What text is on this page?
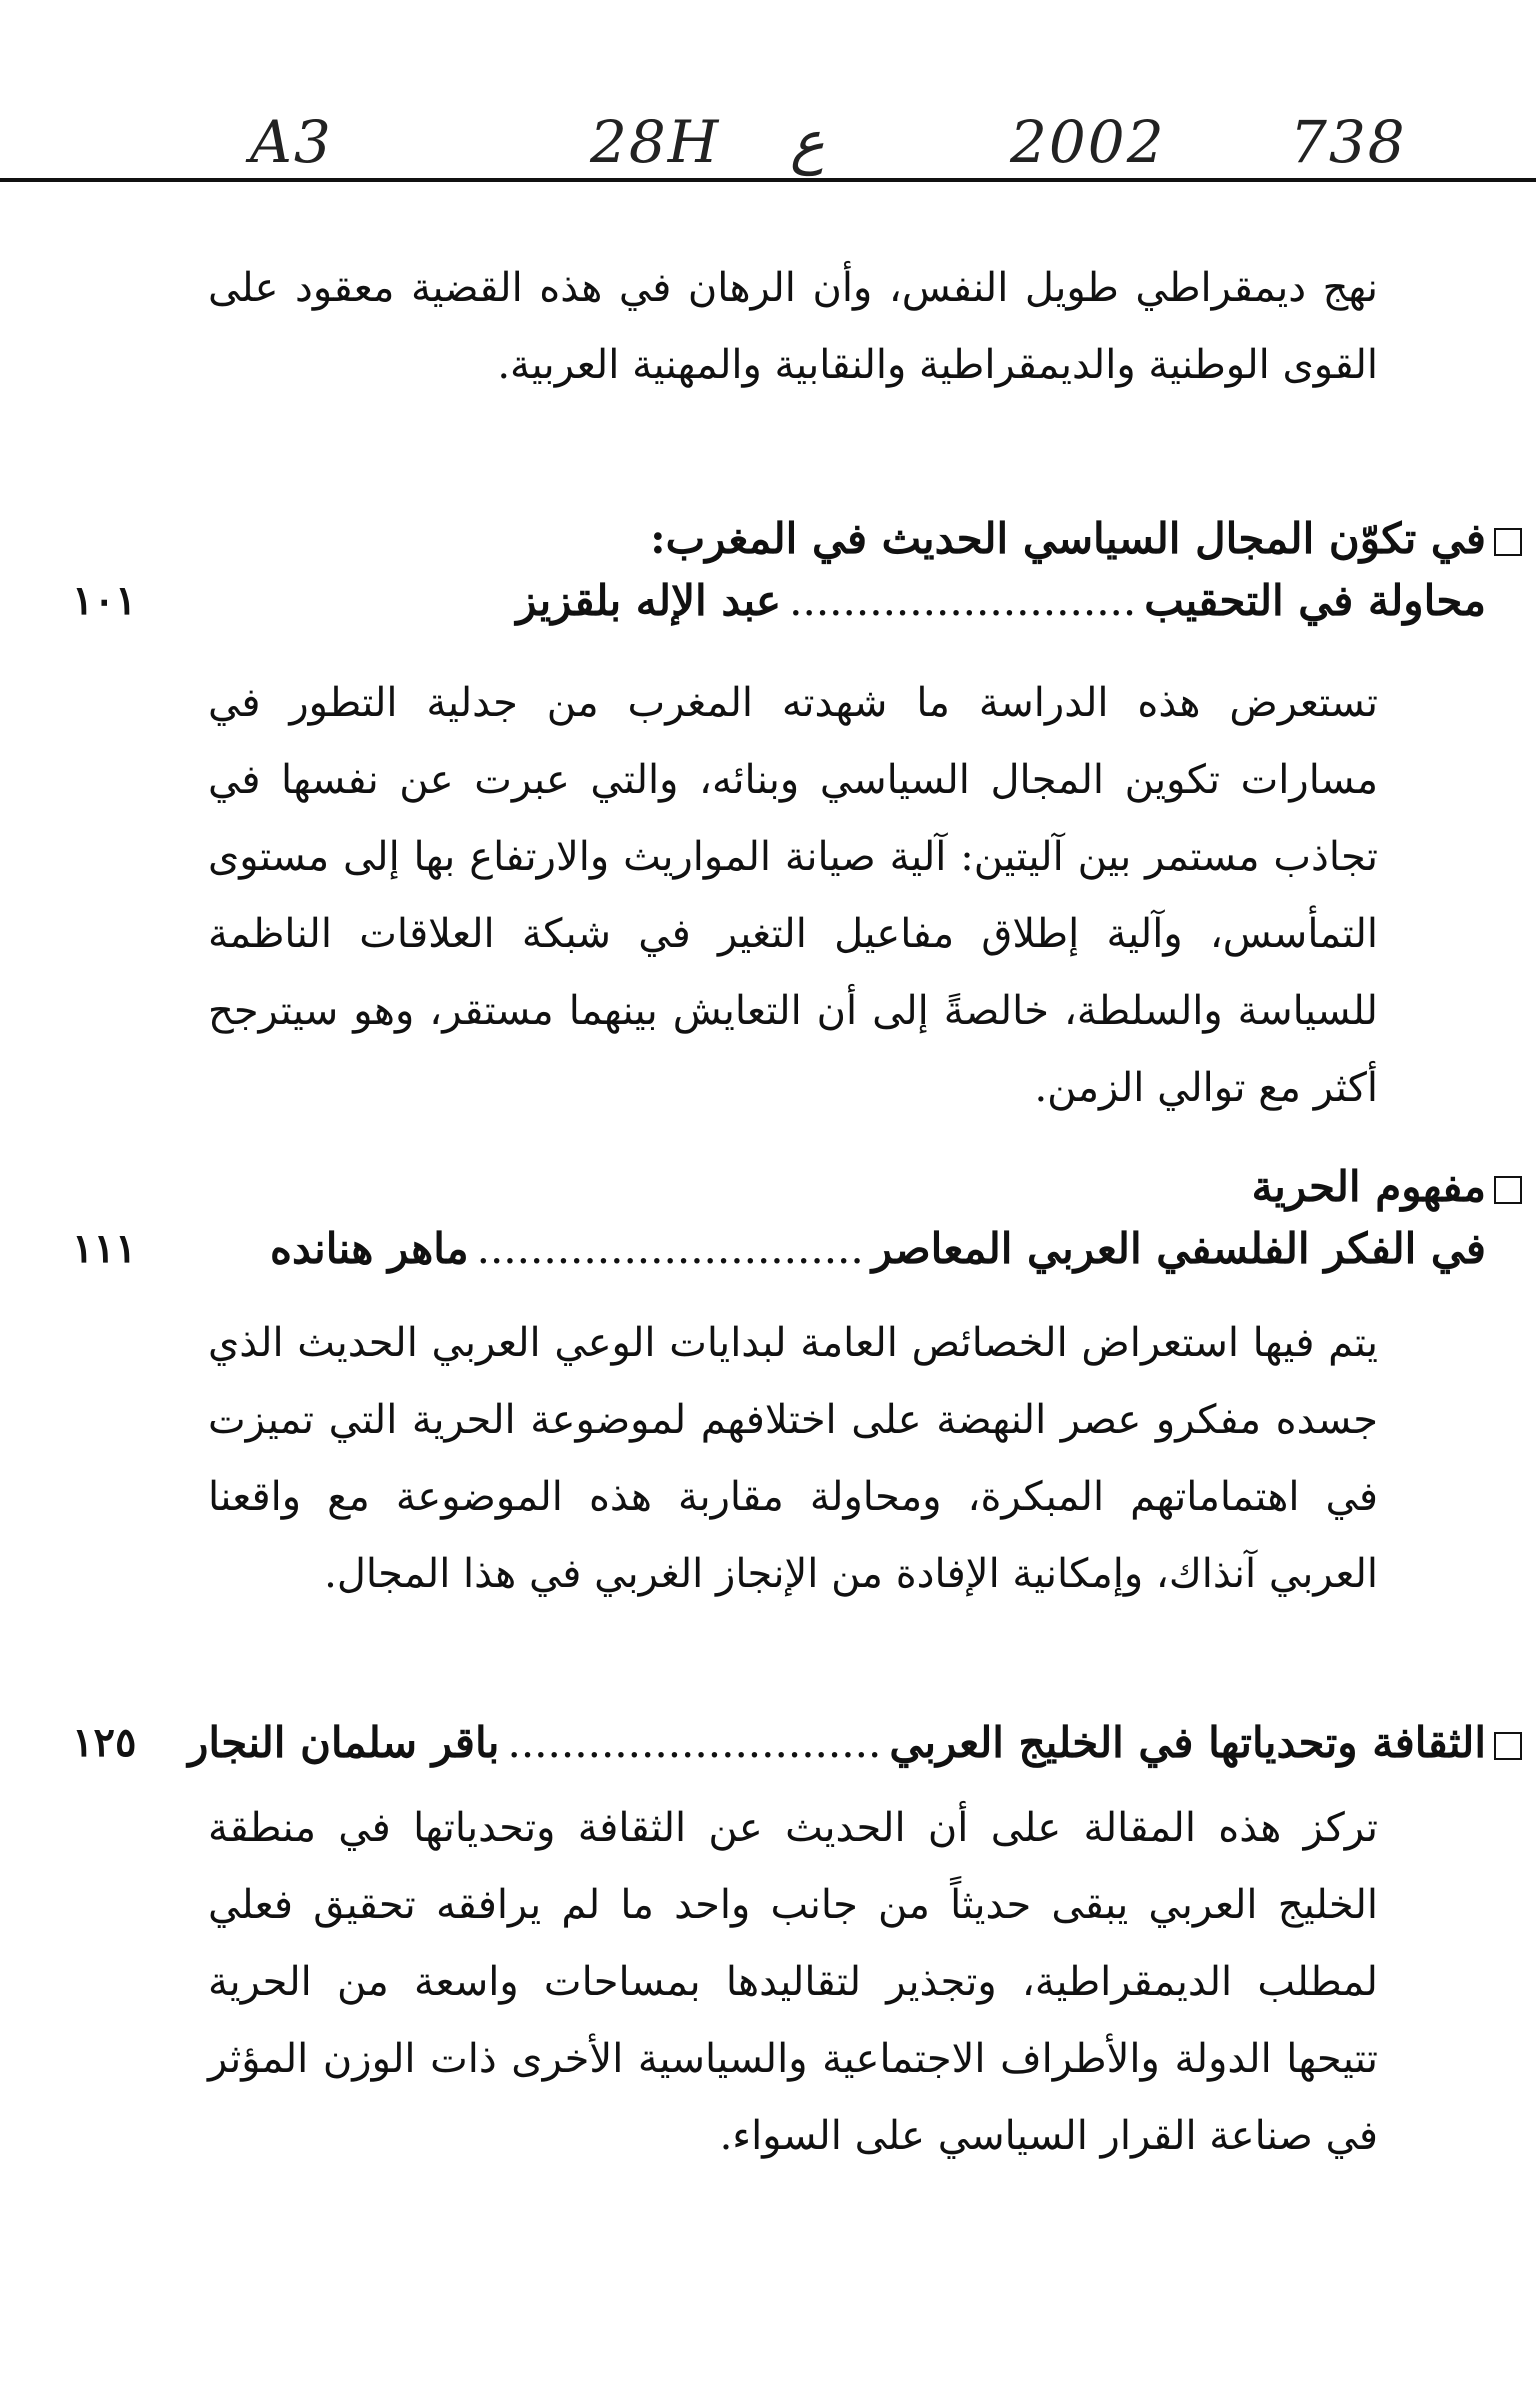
A3	28H ع	2002 738
نهج ديمقراطي طويل النفس، وأن الرهان في هذه القضية معقود على القوى الوطنية والديمقراطية والنقابية والمهنية العربية.
في تكوّن المجال السياسي الحديث في المغرب:
محاولة في التحقيب..........................عبد الإله بلقزيز
١٠١
تستعرض هذه الدراسة ما شهدته المغرب من جدلية التطور في مسارات تكوين المجال السياسي وبنائه، والتي عبرت عن نفسها في تجاذب مستمر بين آليتين: آلية صيانة المواريث والارتفاع بها إلى مستوى التمأسس، وآلية إطلاق مفاعيل التغير في شبكة العلاقات الناظمة للسياسة والسلطة، خالصةً إلى أن التعايش بينهما مستقر، وهو سيترجح أكثر مع توالي الزمن.
مفهوم الحرية
في الفكر الفلسفي العربي المعاصر.............................ماهر هنانده
١١١
يتم فيها استعراض الخصائص العامة لبدايات الوعي العربي الحديث الذي جسده مفكرو عصر النهضة على اختلافهم لموضوعة الحرية التي تميزت في اهتماماتهم المبكرة، ومحاولة مقاربة هذه الموضوعة مع واقعنا العربي آنذاك، وإمكانية الإفادة من الإنجاز الغربي في هذا المجال.
الثقافة وتحدياتها في الخليج العربي............................باقر سلمان النجار
١٢٥
تركز هذه المقالة على أن الحديث عن الثقافة وتحدياتها في منطقة الخليج العربي يبقى حديثاً من جانب واحد ما لم يرافقه تحقيق فعلي لمطلب الديمقراطية، وتجذير لتقاليدها بمساحات واسعة من الحرية تتيحها الدولة والأطراف الاجتماعية والسياسية الأخرى ذات الوزن المؤثر في صناعة القرار السياسي على السواء.
